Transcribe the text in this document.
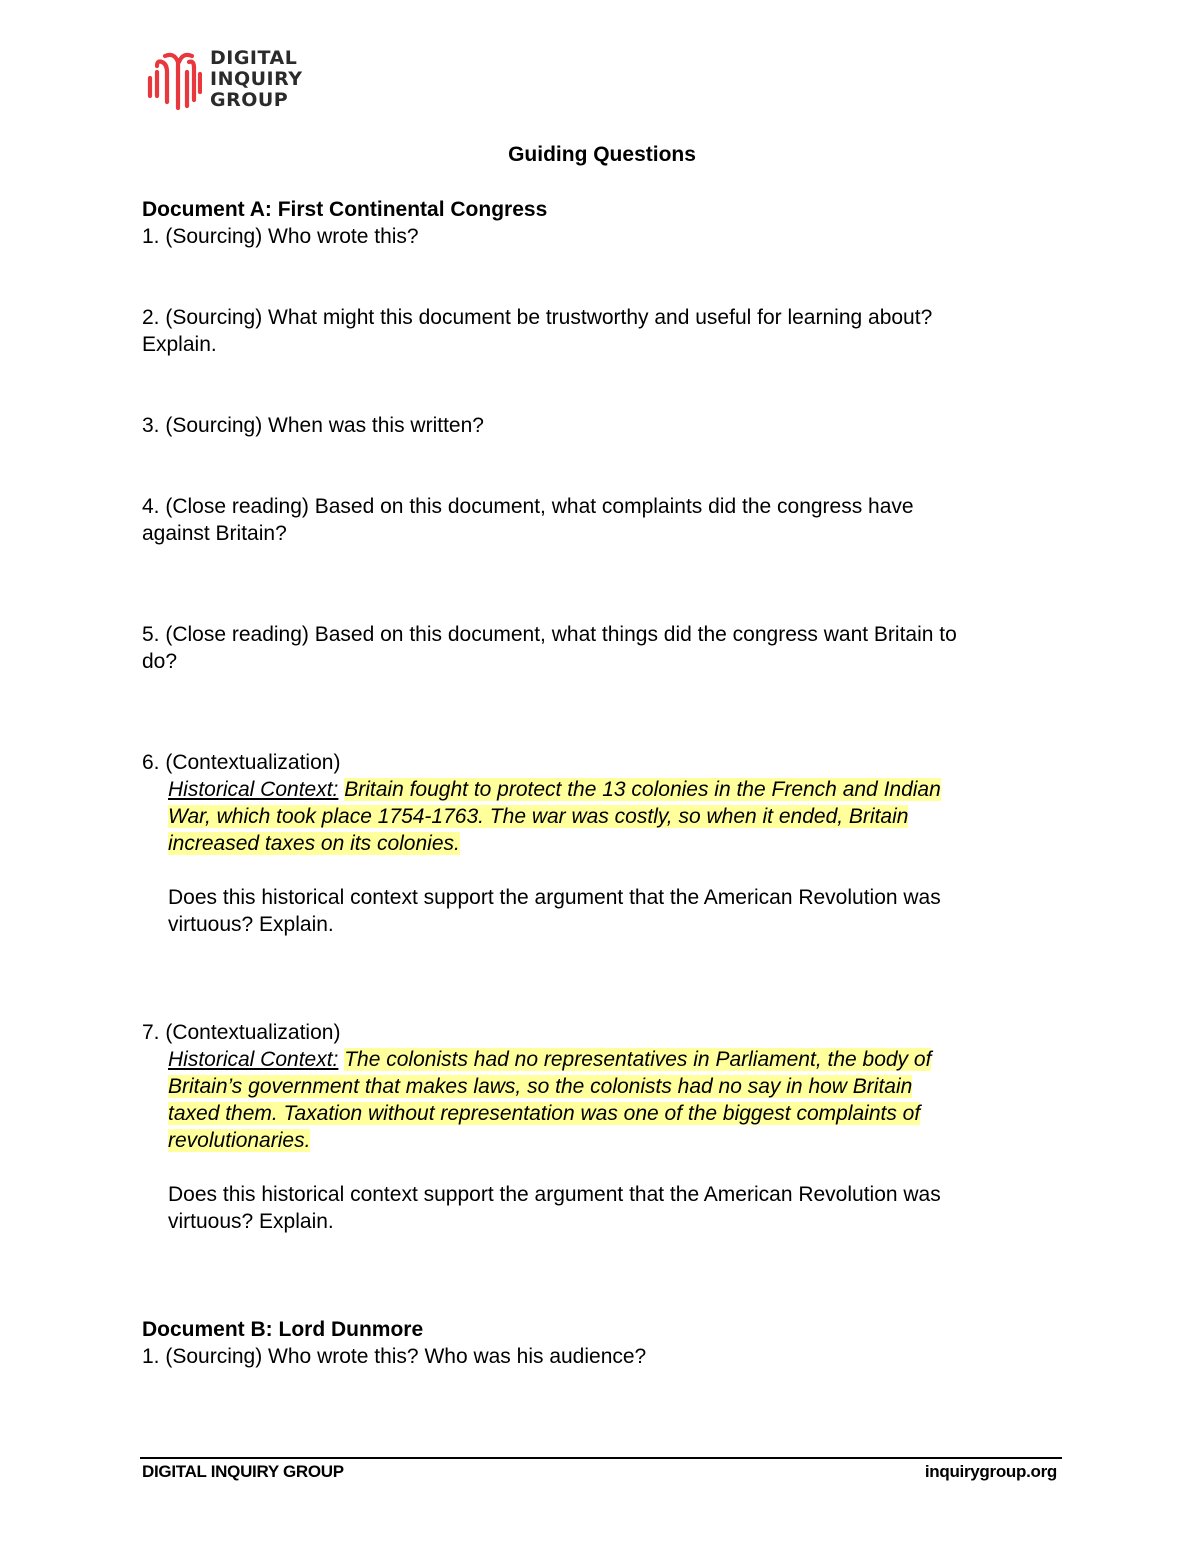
DIGITAL
INQUIRY
GROUP
Guiding Questions
Document A: First Continental Congress
1. (Sourcing) Who wrote this?
2. (Sourcing) What might this document be trustworthy and useful for learning about?
Explain.
3. (Sourcing) When was this written?
4. (Close reading) Based on this document, what complaints did the congress have
against Britain?
5. (Close reading) Based on this document, what things did the congress want Britain to
do?
6. (Contextualization)
Historical Context: Britain fought to protect the 13 colonies in the French and Indian
War, which took place 1754-1763. The war was costly, so when it ended, Britain
increased taxes on its colonies.
Does this historical context support the argument that the American Revolution was
virtuous? Explain.
7. (Contextualization)
Historical Context: The colonists had no representatives in Parliament, the body of
Britain’s government that makes laws, so the colonists had no say in how Britain
taxed them. Taxation without representation was one of the biggest complaints of
revolutionaries.
Does this historical context support the argument that the American Revolution was
virtuous? Explain.
Document B: Lord Dunmore
1. (Sourcing) Who wrote this? Who was his audience?
DIGITAL INQUIRY GROUP	inquirygroup.org
